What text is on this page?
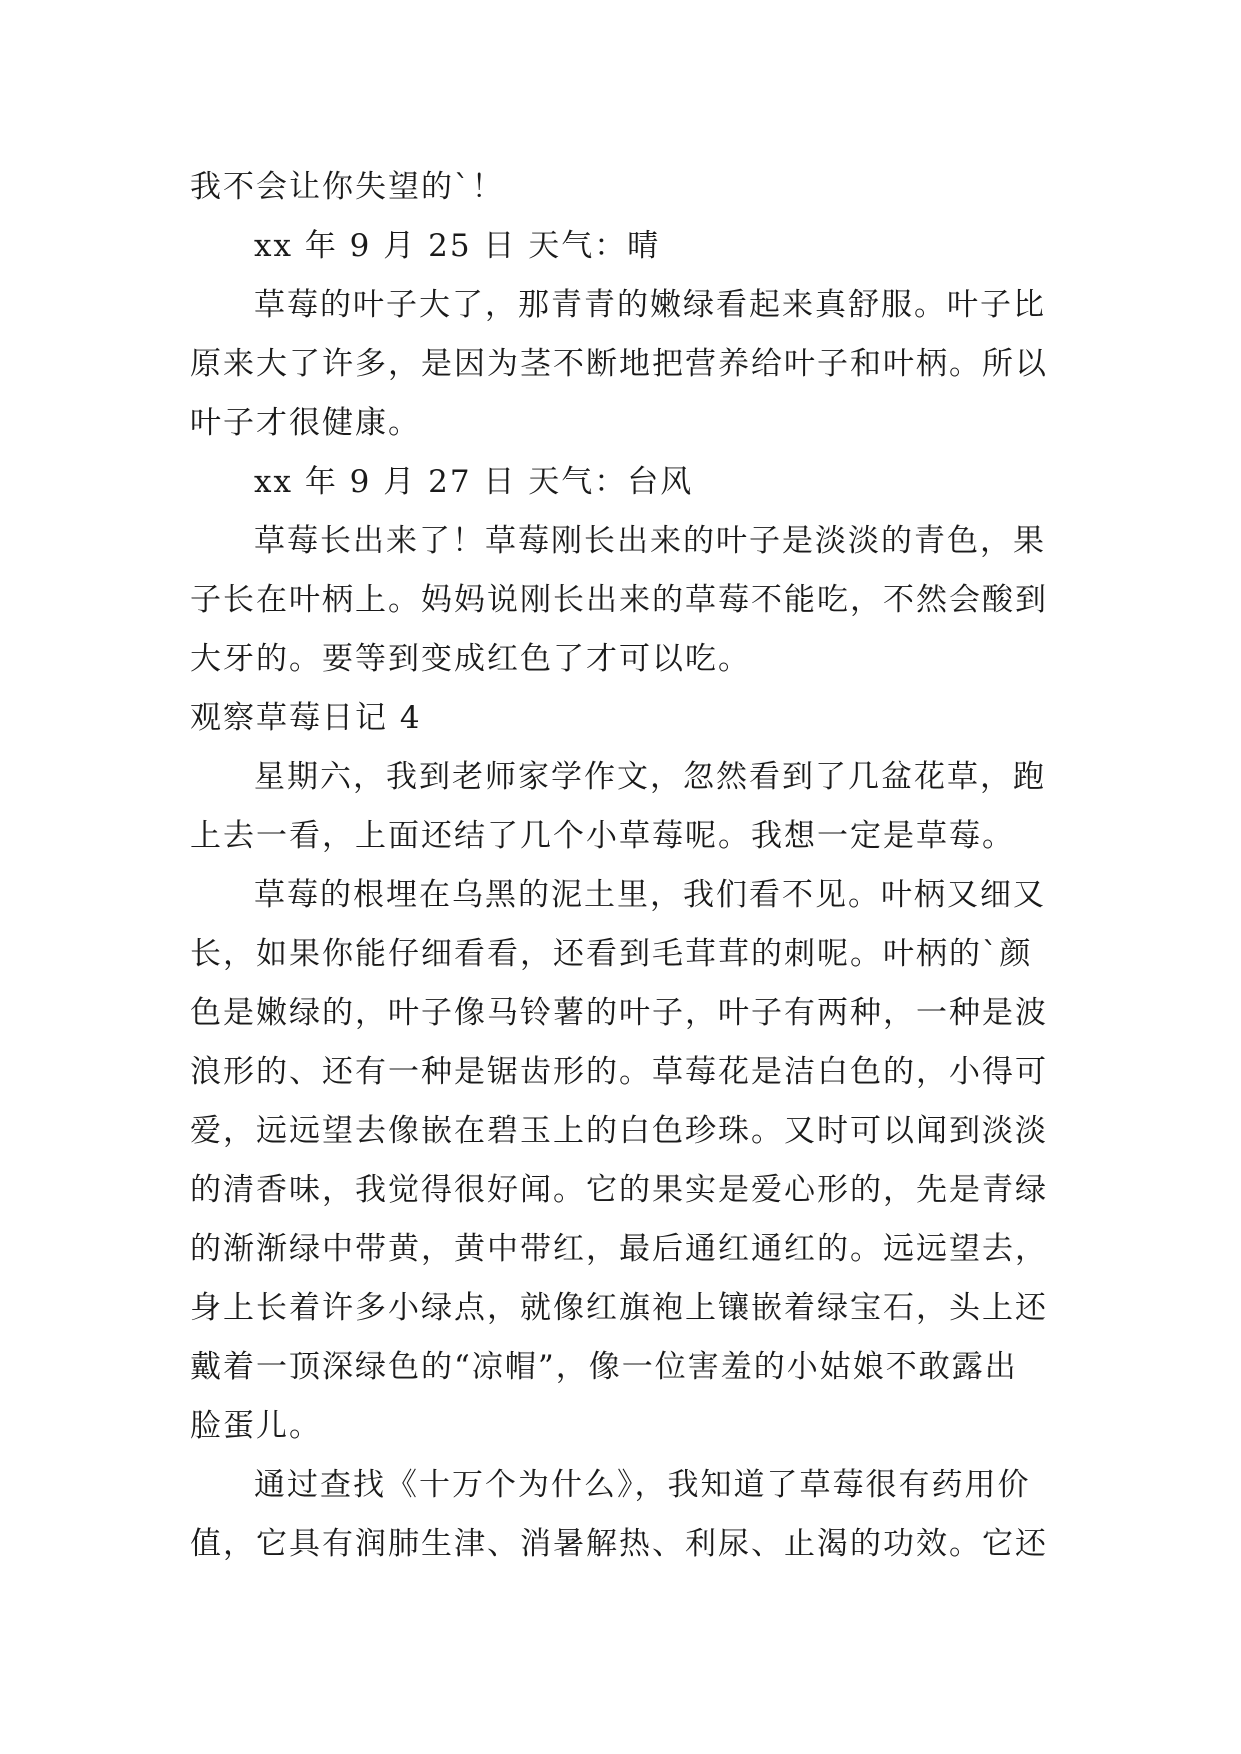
我不会让你失望的`！
xx 年 9 月 25 日 天气：晴
草莓的叶子大了，那青青的嫩绿看起来真舒服。叶子比
原来大了许多，是因为茎不断地把营养给叶子和叶柄。所以
叶子才很健康。
xx 年 9 月 27 日 天气：台风
草莓长出来了！草莓刚长出来的叶子是淡淡的青色，果
子长在叶柄上。妈妈说刚长出来的草莓不能吃，不然会酸到
大牙的。要等到变成红色了才可以吃。
观察草莓日记 4
星期六，我到老师家学作文，忽然看到了几盆花草，跑
上去一看，上面还结了几个小草莓呢。我想一定是草莓。
草莓的根埋在乌黑的泥土里，我们看不见。叶柄又细又
长，如果你能仔细看看，还看到毛茸茸的刺呢。叶柄的`颜
色是嫩绿的，叶子像马铃薯的叶子，叶子有两种，一种是波
浪形的、还有一种是锯齿形的。草莓花是洁白色的，小得可
爱，远远望去像嵌在碧玉上的白色珍珠。又时可以闻到淡淡
的清香味，我觉得很好闻。它的果实是爱心形的，先是青绿
的渐渐绿中带黄，黄中带红，最后通红通红的。远远望去，
身上长着许多小绿点，就像红旗袍上镶嵌着绿宝石，头上还
戴着一顶深绿色的“凉帽”，像一位害羞的小姑娘不敢露出
脸蛋儿。
通过查找《十万个为什么》，我知道了草莓很有药用价
值，它具有润肺生津、消暑解热、利尿、止渴的功效。它还
